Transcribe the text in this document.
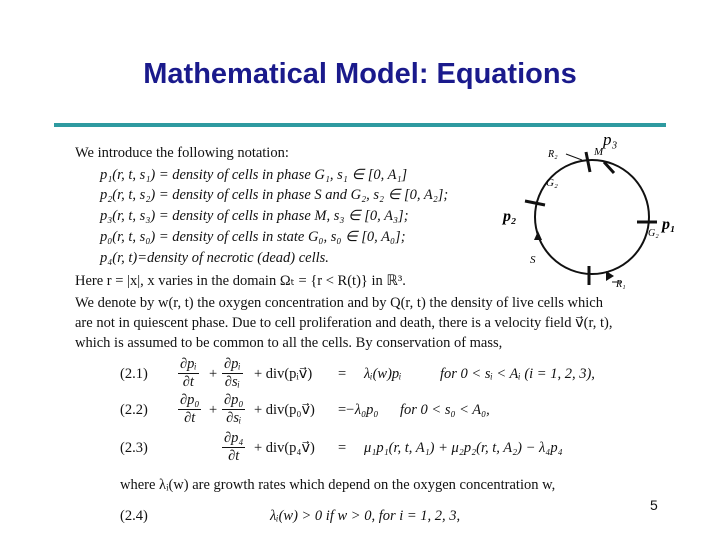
Mathematical Model: Equations
We introduce the following notation:
p₁(r, t, s₁) = density of cells in phase G₁, s₁ ∈ [0, A₁]
p₂(r, t, s₂) = density of cells in phase S and G₂, s₂ ∈ [0, A₂];
p₃(r, t, s₃) = density of cells in phase M, s₃ ∈ [0, A₃];
p₀(r, t, s₀) = density of cells in state G₀, s₀ ∈ [0, A₀];
p₄(r, t)=density of necrotic (dead) cells.
Here r = |x|, x varies in the domain Ωₜ = {r < R(t)} in ℝ³.
We denote by w(r, t) the oxygen concentration and by Q(r, t) the density of live cells which
are not in quiescent phase. Due to cell proliferation and death, there is a velocity field v⃗(r, t),
which is assumed to be common to all the cells. By conservation of mass,
$(2.1) \frac{\text{∂pᵢ}}{\partial t} + \frac{\text{∂pᵢ}}{\text{∂sᵢ}}$ + div(pᵢv⃗) = λᵢ(w)pᵢ	for 0 < sᵢ < Aᵢ (i = 1, 2, 3),
$(2.2) \frac{\text{∂p₀}}{\partial t} + \frac{\text{∂p₀}}{\text{∂sᵢ}}$ + div(p₀v⃗) =
−λ₀p₀ for 0 < s₀ < A₀,
(2.3)	$\frac{\text{∂p₄}}{\partial t}$ + div(p₄v⃗) = μ₁p₁(r, t, A₁) + μ₂p₂(r, t, A₂) − λ₄p₄
where λᵢ(w) are growth rates which depend on the oxygen concentration w,
(2.4)	λᵢ(w) > 0 if w > 0, for i = 1, 2, 3,
5
p₃
R₂	M
G₂
p₂	p₁
G₂
S
R₁
